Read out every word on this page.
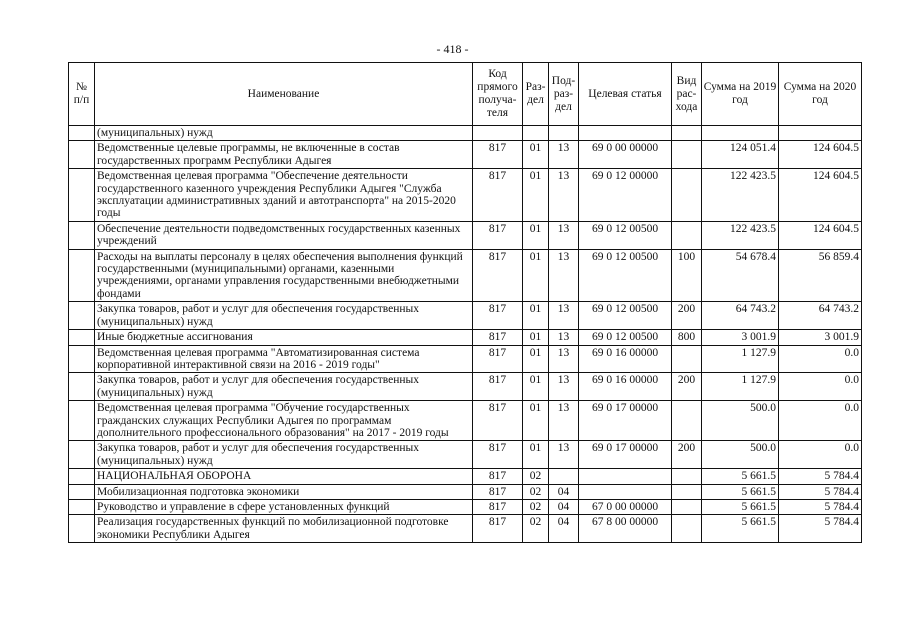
- 418 -
№ п/п	Наименование	Код прямого получа-теля	Раз-дел	Под-раз-дел	Целевая статья	Вид рас-хода	Сумма на 2019 год	Сумма на 2020 год
	(муниципальных) нужд							
	Ведомственные целевые программы, не включенные в состав государственных программ Республики Адыгея	817	01	13	69 0 00 00000		124 051.4	124 604.5
	Ведомственная целевая программа "Обеспечение деятельности государственного казенного учреждения Республики Адыгея "Служба эксплуатации административных зданий и автотранспорта" на 2015-2020 годы	817	01	13	69 0 12 00000		122 423.5	124 604.5
	Обеспечение деятельности подведомственных государственных казенных учреждений	817	01	13	69 0 12 00500		122 423.5	124 604.5
	Расходы на выплаты персоналу в целях обеспечения выполнения функций государственными (муниципальными) органами, казенными учреждениями, органами управления государственными внебюджетными фондами	817	01	13	69 0 12 00500	100	54 678.4	56 859.4
	Закупка товаров, работ и услуг для обеспечения государственных (муниципальных) нужд	817	01	13	69 0 12 00500	200	64 743.2	64 743.2
	Иные бюджетные ассигнования	817	01	13	69 0 12 00500	800	3 001.9	3 001.9
	Ведомственная целевая программа "Автоматизированная система корпоративной интерактивной связи на 2016 - 2019 годы"	817	01	13	69 0 16 00000		1 127.9	0.0
	Закупка товаров, работ и услуг для обеспечения государственных (муниципальных) нужд	817	01	13	69 0 16 00000	200	1 127.9	0.0
	Ведомственная целевая программа "Обучение государственных гражданских служащих Республики Адыгея по программам дополнительного профессионального образования" на 2017 - 2019 годы	817	01	13	69 0 17 00000		500.0	0.0
	Закупка товаров, работ и услуг для обеспечения государственных (муниципальных) нужд	817	01	13	69 0 17 00000	200	500.0	0.0
	НАЦИОНАЛЬНАЯ ОБОРОНА	817	02				5 661.5	5 784.4
	Мобилизационная подготовка экономики	817	02	04			5 661.5	5 784.4
	Руководство и управление в сфере установленных функций	817	02	04	67 0 00 00000		5 661.5	5 784.4
	Реализация государственных функций по мобилизационной подготовке экономики Республики Адыгея	817	02	04	67 8 00 00000		5 661.5	5 784.4
